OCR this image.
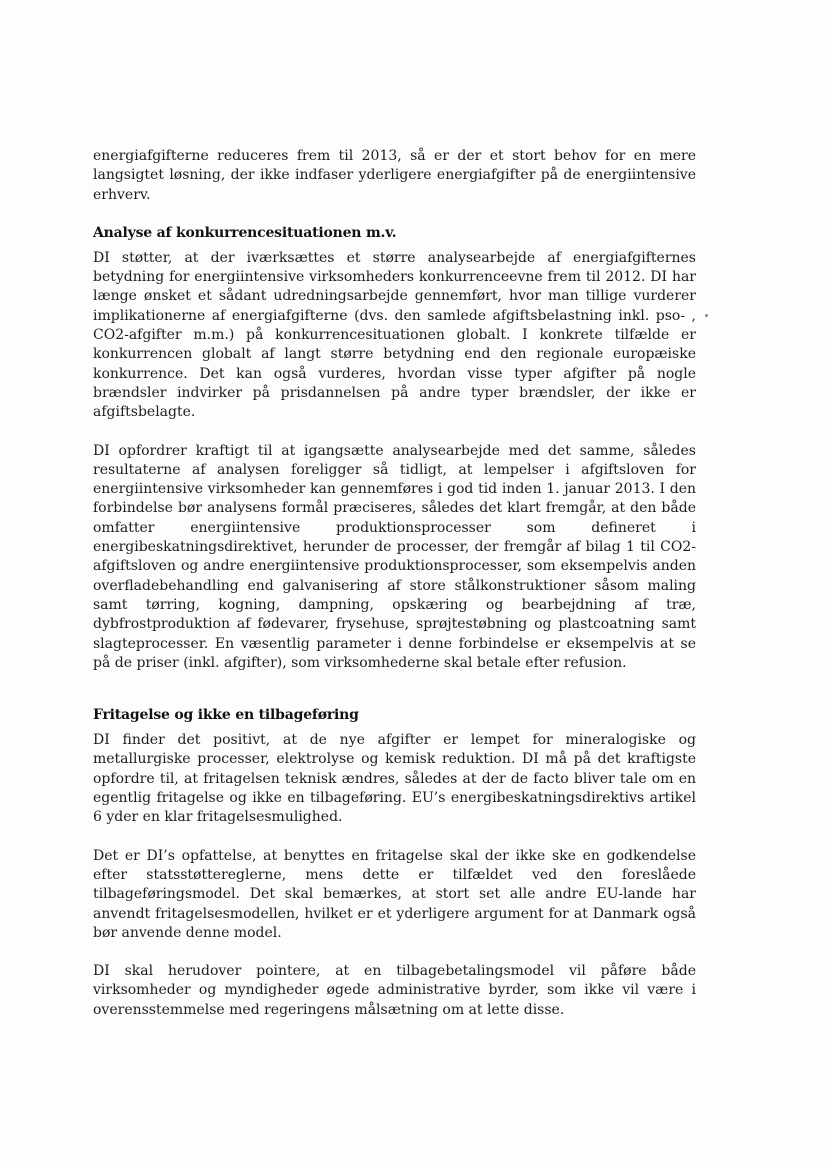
energiafgifterne reduceres frem til 2013, så er der et stort behov for en mere langsigtet løsning, der ikke indfaser yderligere energiafgifter på de energiintensive erhverv.

Analyse af konkurrencesituationen m.v.

DI støtter, at der iværksættes et større analysearbejde af energiafgifternes betydning for energiintensive virksomheders konkurrenceevne frem til 2012. DI har længe ønsket et sådant udredningsarbejde gennemført, hvor man tillige vurderer implikationerne af energiafgifterne (dvs. den samlede afgiftsbelastning inkl. pso- , CO2-afgifter m.m.) på konkurrencesituationen globalt. I konkrete tilfælde er konkurrencen globalt af langt større betydning end den regionale europæiske konkurrence. Det kan også vurderes, hvordan visse typer afgifter på nogle brændsler indvirker på prisdannelsen på andre typer brændsler, der ikke er afgiftsbelagte.

DI opfordrer kraftigt til at igangsætte analysearbejde med det samme, således resultaterne af analysen foreligger så tidligt, at lempelser i afgiftsloven for energiintensive virksomheder kan gennemføres i god tid inden 1. januar 2013. I den forbindelse bør analysens formål præciseres, således det klart fremgår, at den både omfatter energiintensive produktionsprocesser som defineret i energibeskatningsdirektivet, herunder de processer, der fremgår af bilag 1 til CO2-afgiftsloven og andre energiintensive produktionsprocesser, som eksempelvis anden overfladebehandling end galvanisering af store stålkonstruktioner såsom maling samt tørring, kogning, dampning, opskæring og bearbejdning af træ, dybfrostproduktion af fødevarer, frysehuse, sprøjtestøbning og plastcoatning samt slagteprocesser. En væsentlig parameter i denne forbindelse er eksempelvis at se på de priser (inkl. afgifter), som virksomhederne skal betale efter refusion.

Fritagelse og ikke en tilbageføring

DI finder det positivt, at de nye afgifter er lempet for mineralogiske og metallurgiske processer, elektrolyse og kemisk reduktion. DI må på det kraftigste opfordre til, at fritagelsen teknisk ændres, således at der de facto bliver tale om en egentlig fritagelse og ikke en tilbageføring. EU’s energibeskatningsdirektivs artikel 6 yder en klar fritagelsesmulighed.

Det er DI’s opfattelse, at benyttes en fritagelse skal der ikke ske en godkendelse efter statsstøttereglerne, mens dette er tilfældet ved den foreslåede tilbageføringsmodel. Det skal bemærkes, at stort set alle andre EU-lande har anvendt fritagelsesmodellen, hvilket er et yderligere argument for at Danmark også bør anvende denne model.

DI skal herudover pointere, at en tilbagebetalingsmodel vil påføre både virksomheder og myndigheder øgede administrative byrder, som ikke vil være i overensstemmelse med regeringens målsætning om at lette disse.
